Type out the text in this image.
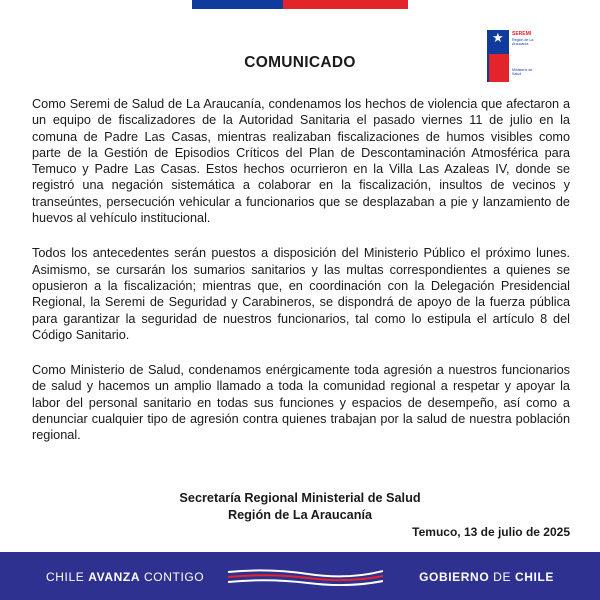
★ SEREMI
Región de La Araucanía
Ministerio de Salud
COMUNICADO

Como Seremi de Salud de La Araucanía, condenamos los hechos de violencia que afectaron a un equipo de fiscalizadores de la Autoridad Sanitaria el pasado viernes 11 de julio en la comuna de Padre Las Casas, mientras realizaban fiscalizaciones de humos visibles como parte de la Gestión de Episodios Críticos del Plan de Descontaminación Atmosférica para Temuco y Padre Las Casas. Estos hechos ocurrieron en la Villa Las Azaleas IV, donde se registró una negación sistemática a colaborar en la fiscalización, insultos de vecinos y transeúntes, persecución vehicular a funcionarios que se desplazaban a pie y lanzamiento de huevos al vehículo institucional.

Todos los antecedentes serán puestos a disposición del Ministerio Público el próximo lunes. Asimismo, se cursarán los sumarios sanitarios y las multas correspondientes a quienes se opusieron a la fiscalización; mientras que, en coordinación con la Delegación Presidencial Regional, la Seremi de Seguridad y Carabineros, se dispondrá de apoyo de la fuerza pública para garantizar la seguridad de nuestros funcionarios, tal como lo estipula el artículo 8 del Código Sanitario.

Como Ministerio de Salud, condenamos enérgicamente toda agresión a nuestros funcionarios de salud y hacemos un amplio llamado a toda la comunidad regional a respetar y apoyar la labor del personal sanitario en todas sus funciones y espacios de desempeño, así como a denunciar cualquier tipo de agresión contra quienes trabajan por la salud de nuestra población regional.

Secretaría Regional Ministerial de Salud
Región de La Araucanía
Temuco, 13 de julio de 2025
CHILE AVANZA CONTIGO	GOBIERNO DE CHILE
